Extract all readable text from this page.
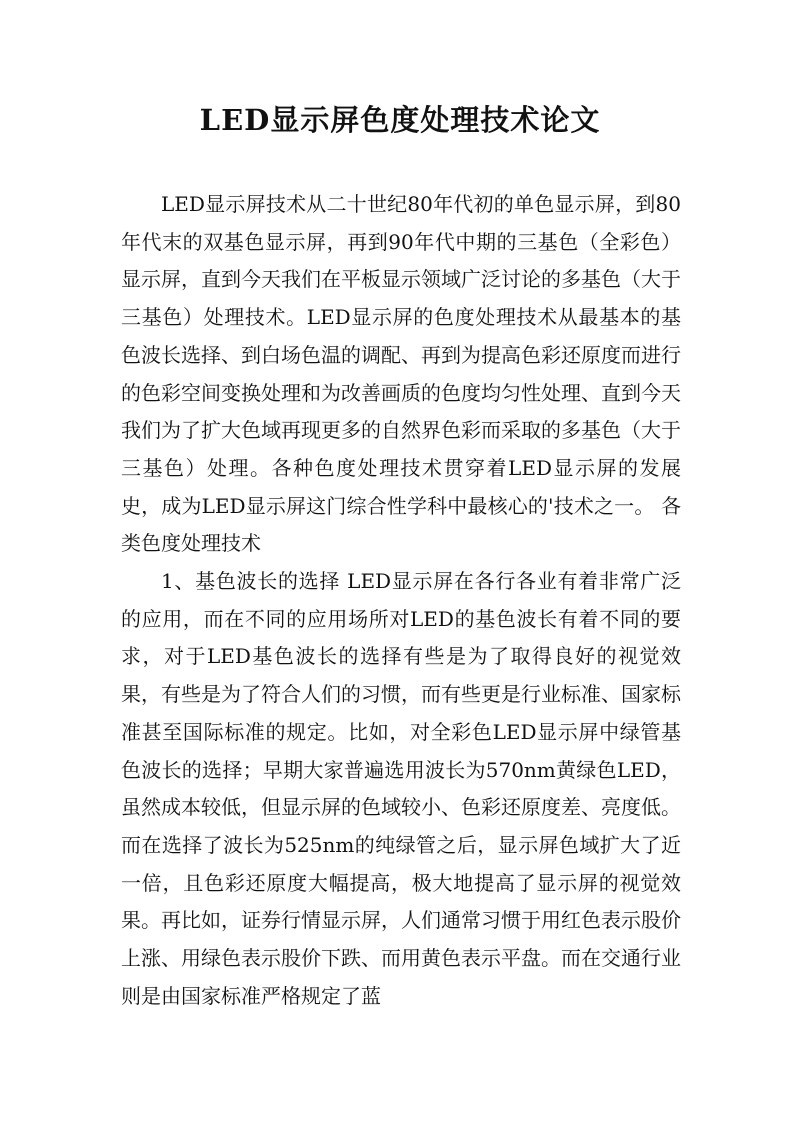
LED显示屏色度处理技术论文

LED显示屏技术从二十世纪80年代初的单色显示屏，到80年代末的双基色显示屏，再到90年代中期的三基色（全彩色）显示屏，直到今天我们在平板显示领域广泛讨论的多基色（大于三基色）处理技术。LED显示屏的色度处理技术从最基本的基色波长选择、到白场色温的调配、再到为提高色彩还原度而进行的色彩空间变换处理和为改善画质的色度均匀性处理、直到今天我们为了扩大色域再现更多的自然界色彩而采取的多基色（大于三基色）处理。各种色度处理技术贯穿着LED显示屏的发展史，成为LED显示屏这门综合性学科中最核心的'技术之一。 各类色度处理技术

1、基色波长的选择 LED显示屏在各行各业有着非常广泛的应用，而在不同的应用场所对LED的基色波长有着不同的要求，对于LED基色波长的选择有些是为了取得良好的视觉效果，有些是为了符合人们的习惯，而有些更是行业标准、国家标准甚至国际标准的规定。比如，对全彩色LED显示屏中绿管基色波长的选择；早期大家普遍选用波长为570nm黄绿色LED，虽然成本较低，但显示屏的色域较小、色彩还原度差、亮度低。而在选择了波长为525nm的纯绿管之后，显示屏色域扩大了近一倍，且色彩还原度大幅提高，极大地提高了显示屏的视觉效果。再比如，证券行情显示屏，人们通常习惯于用红色表示股价上涨、用绿色表示股价下跌、而用黄色表示平盘。而在交通行业则是由国家标准严格规定了蓝
